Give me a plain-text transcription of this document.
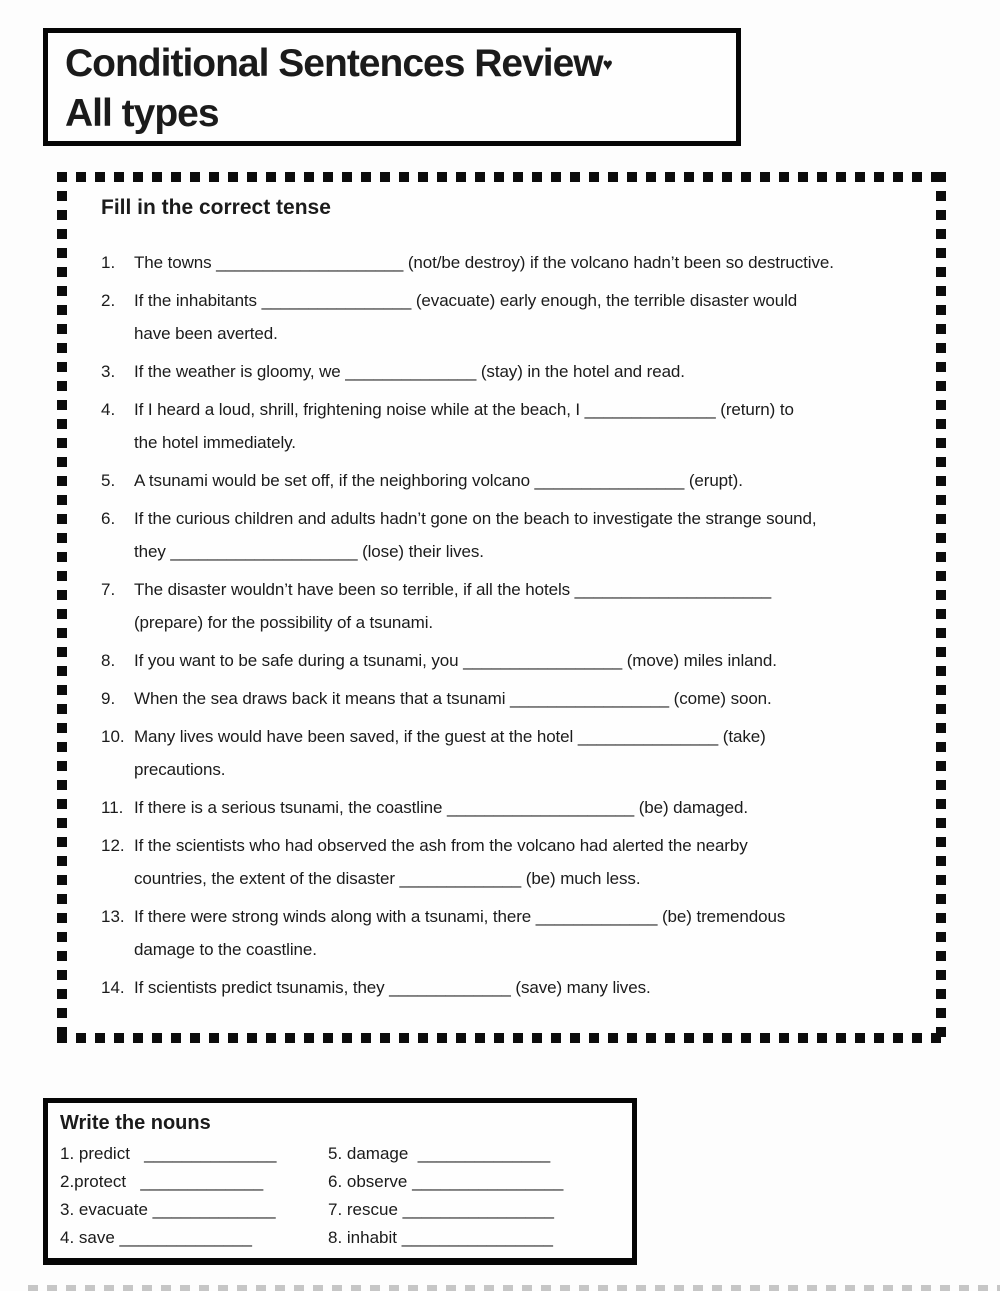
Conditional Sentences Review♥
All types
Fill in the correct tense
1.	The towns ____________________ (not/be destroy) if the volcano hadn’t been so destructive.
2.	If the inhabitants ________________ (evacuate) early enough, the terrible disaster would
have been averted.
3.	If the weather is gloomy, we ______________ (stay) in the hotel and read.
4.	If I heard a loud, shrill, frightening noise while at the beach, I ______________ (return) to
the hotel immediately.
5.	A tsunami would be set off, if the neighboring volcano ________________ (erupt).
6.	If the curious children and adults hadn’t gone on the beach to investigate the strange sound,
they ____________________ (lose) their lives.
7.	The disaster wouldn’t have been so terrible, if all the hotels _____________________
(prepare) for the possibility of a tsunami.
8.	If you want to be safe during a tsunami, you _________________ (move) miles inland.
9.	When the sea draws back it means that a tsunami _________________ (come) soon.
10. Many lives would have been saved, if the guest at the hotel _______________ (take)
precautions.
11. If there is a serious tsunami, the coastline ____________________ (be) damaged.
12. If the scientists who had observed the ash from the volcano had alerted the nearby
countries, the extent of the disaster _____________ (be) much less.
13. If there were strong winds along with a tsunami, there _____________ (be) tremendous
damage to the coastline.
14. If scientists predict tsunamis, they _____________ (save) many lives.
Write the nouns
1. predict   ______________
2.protect   _____________
3. evacuate _____________
4. save ______________
5. damage  ______________
6. observe ________________
7. rescue ________________
8. inhabit ________________
